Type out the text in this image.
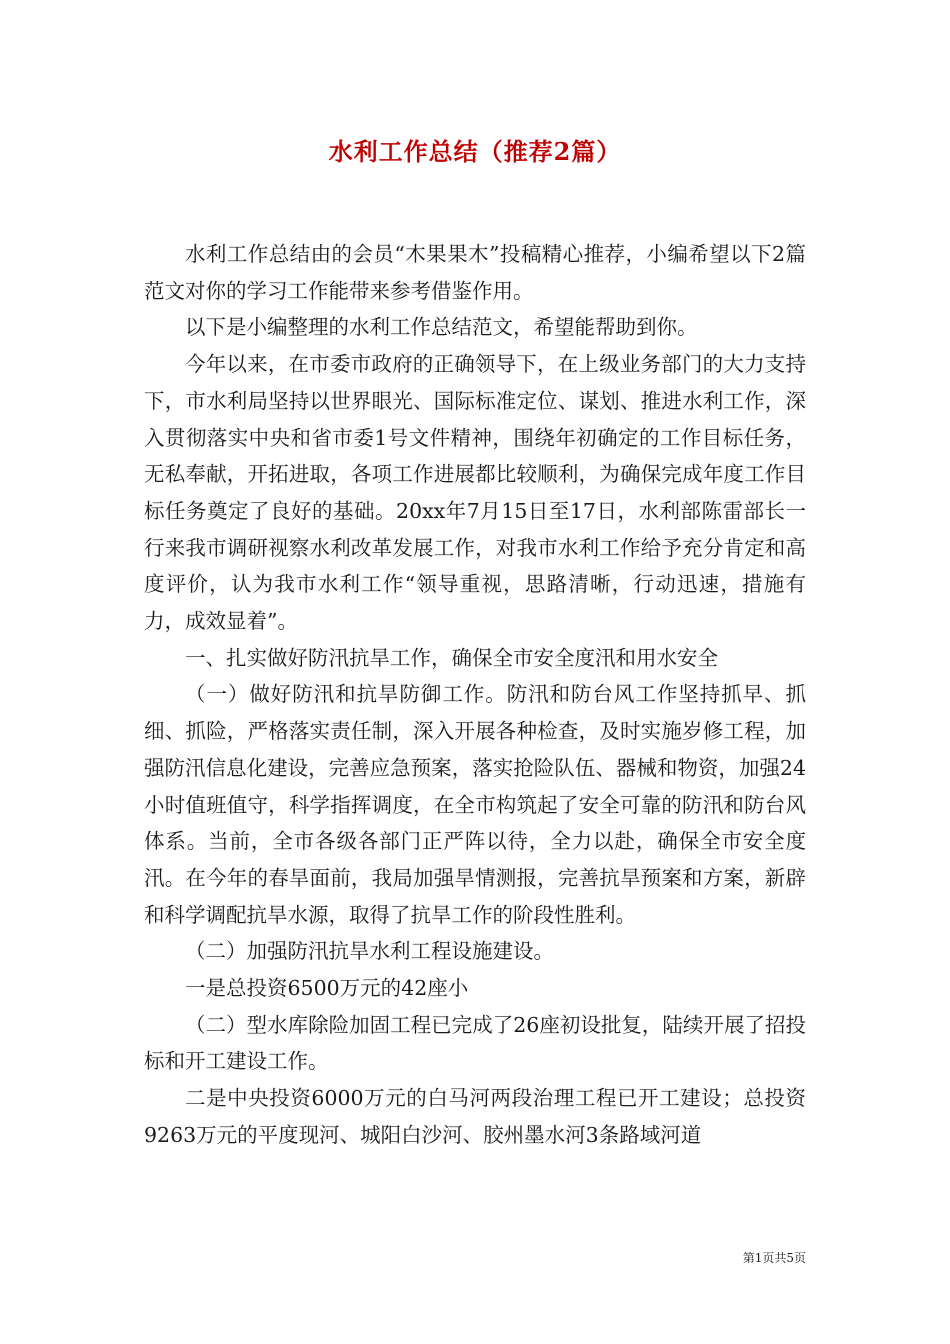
水利工作总结（推荐2篇）

水利工作总结由的会员“木果果木”投稿精心推荐，小编希望以下2篇范文对你的学习工作能带来参考借鉴作用。

以下是小编整理的水利工作总结范文，希望能帮助到你。

今年以来，在市委市政府的正确领导下，在上级业务部门的大力支持下，市水利局坚持以世界眼光、国际标准定位、谋划、推进水利工作，深入贯彻落实中央和省市委1号文件精神，围绕年初确定的工作目标任务，无私奉献，开拓进取，各项工作进展都比较顺利，为确保完成年度工作目标任务奠定了良好的基础。20xx年7月15日至17日，水利部陈雷部长一行来我市调研视察水利改革发展工作，对我市水利工作给予充分肯定和高度评价，认为我市水利工作“领导重视，思路清晰，行动迅速，措施有力，成效显着”。

一、扎实做好防汛抗旱工作，确保全市安全度汛和用水安全

（一）做好防汛和抗旱防御工作。防汛和防台风工作坚持抓早、抓细、抓险，严格落实责任制，深入开展各种检查，及时实施岁修工程，加强防汛信息化建设，完善应急预案，落实抢险队伍、器械和物资，加强24小时值班值守，科学指挥调度，在全市构筑起了安全可靠的防汛和防台风体系。当前，全市各级各部门正严阵以待，全力以赴，确保全市安全度汛。在今年的春旱面前，我局加强旱情测报，完善抗旱预案和方案，新辟和科学调配抗旱水源，取得了抗旱工作的阶段性胜利。

（二）加强防汛抗旱水利工程设施建设。

一是总投资6500万元的42座小

（二）型水库除险加固工程已完成了26座初设批复，陆续开展了招投标和开工建设工作。

二是中央投资6000万元的白马河两段治理工程已开工建设；总投资9263万元的平度现河、城阳白沙河、胶州墨水河3条路域河道

第1页共5页
